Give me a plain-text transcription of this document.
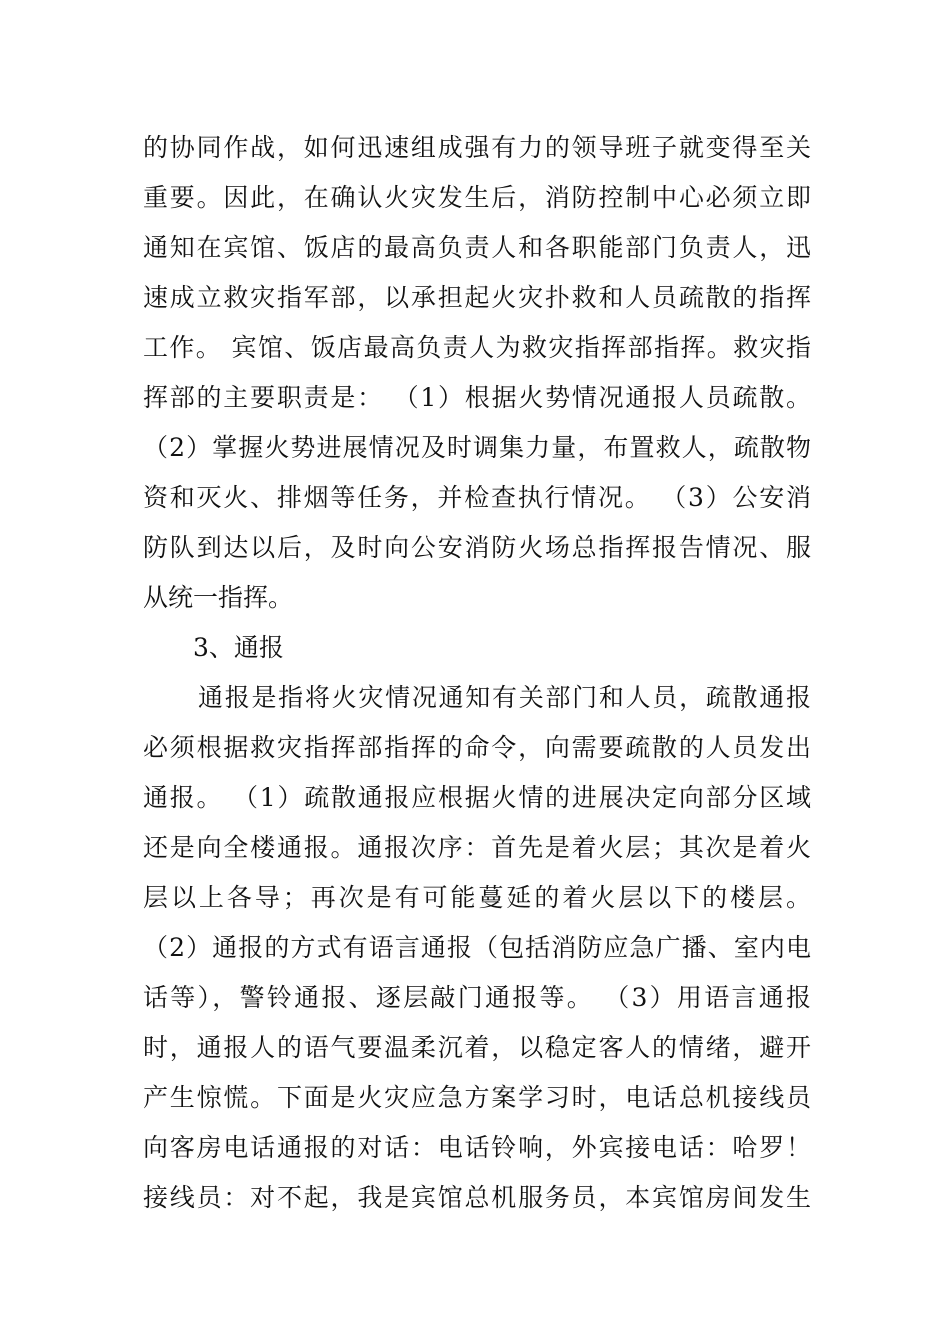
的协同作战，如何迅速组成强有力的领导班子就变得至关
重要。因此，在确认火灾发生后，消防控制中心必须立即
通知在宾馆、饭店的最高负责人和各职能部门负责人，迅
速成立救灾指军部，以承担起火灾扑救和人员疏散的指挥
工作。 宾馆、饭店最高负责人为救灾指挥部指挥。救灾指
挥部的主要职责是： （1）根据火势情况通报人员疏散。
（2）掌握火势进展情况及时调集力量，布置救人，疏散物
资和灭火、排烟等任务，并检查执行情况。 （3）公安消
防队到达以后，及时向公安消防火场总指挥报告情况、服
从统一指挥。
3、通报
通报是指将火灾情况通知有关部门和人员，疏散通报
必须根据救灾指挥部指挥的命令，向需要疏散的人员发出
通报。 （1）疏散通报应根据火情的进展决定向部分区域
还是向全楼通报。通报次序：首先是着火层；其次是着火
层以上各导；再次是有可能蔓延的着火层以下的楼层。
（2）通报的方式有语言通报（包括消防应急广播、室内电
话等），警铃通报、逐层敲门通报等。 （3）用语言通报
时，通报人的语气要温柔沉着，以稳定客人的情绪，避开
产生惊慌。下面是火灾应急方案学习时，电话总机接线员
向客房电话通报的对话：电话铃响，外宾接电话：哈罗！
接线员：对不起，我是宾馆总机服务员，本宾馆房间发生
